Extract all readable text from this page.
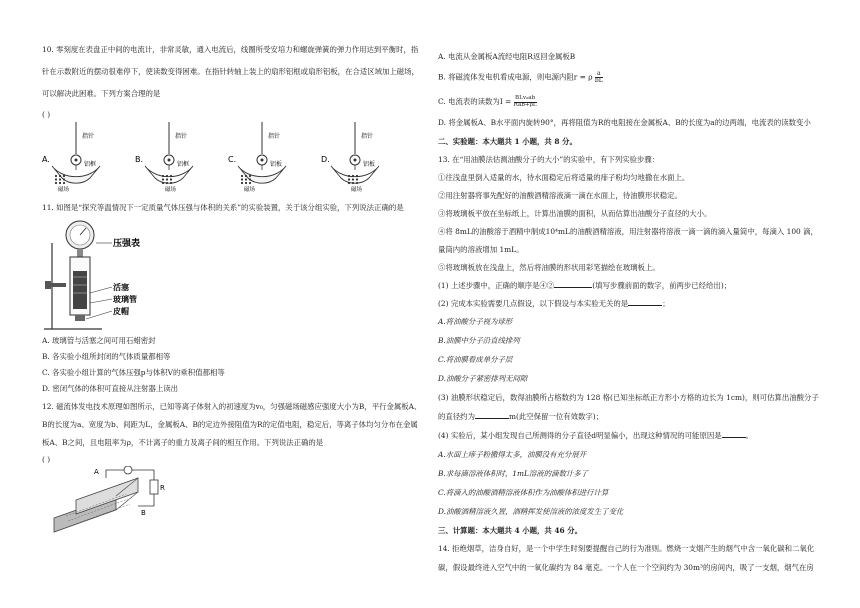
10. 零刻度在表盘正中间的电流计，非常灵敏，通入电流后，线圈所受安培力和螺旋弹簧的弹力作用达到平衡时，指
针在示数附近的摆动很难停下，使读数变得困难。在指针转轴上装上的扇形铝框或扇形铝板，在合适区域加上磁场，
可以解决此困难。下列方案合理的是
( )
A.
指针
铝框
磁场
B.
指针
铝框
磁场
C.
指针
铝板
磁场
D.
指针
铝板
磁场
11. 如图是“探究等温情况下一定质量气体压强与体积的关系”的实验装置，关于该分组实验，下列说法正确的是
压强表
活塞
玻璃管
皮帽
A. 玻璃管与活塞之间可用石蜡密封
B. 各实验小组所封闭的气体质量都相等
C. 各实验小组计算的气体压强p与体积V的乘积值都相等
D. 密闭气体的体积可直接从注射器上读出
12. 磁流体发电技术原理如图所示，已知等离子体射入的初速度为v₀，匀强磁场磁感应强度大小为B，平行金属板A、
B的长度为a、宽度为b、间距为L，金属板A、B的定边外接阻值为R的定值电阻，稳定后，等离子体均匀分布在金属
板A、B之间，且电阻率为ρ，不计离子的重力及离子间的相互作用。下列说法正确的是
( )
A
B
R
A. 电流从金属板A流经电阻R返回金属板B
B. 将磁流体发电机看成电源，则电源内阻r = ρ $\frac{a}{bL}$
C. 电流表的读数为I = BLv₀ab
Rab+ρL
D. 将金属板A、B水平面内旋转90°，再将阻值为R的电阻接在金属板A、B的长度为a的边两端，电流表的读数变小
二、实验题：本大题共 1 小题，共 8 分。
13. 在“用油膜法估测油酸分子的大小”的实验中，有下列实验步骤：
①往浅盘里倒入适量的水，待水面稳定后将适量的痱子粉均匀地撒在水面上。
②用注射器将事先配好的油酸酒精溶液滴一滴在水面上，待油膜形状稳定。
③将玻璃板平放在坐标纸上，计算出油膜的面积，从而估算出油酸分子直径的大小。
④将 8mL的油酸溶于酒精中制成10⁴mL的油酸酒精溶液，用注射器将溶液一滴一滴的滴入量筒中，每滴入 100 滴，
量筒内的溶液增加 1mL。
⑤将玻璃板放在浅盘上，然后将油膜的形状用彩笔描绘在玻璃板上。
(1) 上述步骤中，正确的顺序是④②	(填写步骤前面的数字，前两步已经给出)；
(2) 完成本实验需要几点假设，以下假设与本实验无关的是	；
A.将油酸分子视为球形
B.油膜中分子沿直线排列
C.将油膜看成单分子层
D.油酸分子紧密排列无间隙
(3) 油膜形状稳定后，数得油膜所占格数约为 128 格(已知坐标纸正方形小方格的边长为 1cm)，则可估算出油酸分子
的直径约为	m(此空保留一位有效数字)；
(4) 实验后，某小组发现自己所测得的分子直径d明显偏小，出现这种情况的可能原因是	。
A.水面上痱子粉撒得太多，油膜没有充分展开
B.求每滴溶液体积时，1mL溶液的滴数计多了
C.将滴入的油酸酒精溶液体积作为油酸体积进行计算
D.油酸酒精溶液久置，酒精挥发使溶液的浓度发生了变化
三、计算题：本大题共 4 小题，共 46 分。
14. 拒绝烟草，洁身自好，是一个中学生时刻要提醒自己的行为准则。燃烧一支烟产生的烟气中含一氧化碳和二氧化
碳，假设最终进入空气中的一氧化碳约为 84 毫克。一个人在一个空间约为 30m³的房间内，吸了一支烟，烟气在房
